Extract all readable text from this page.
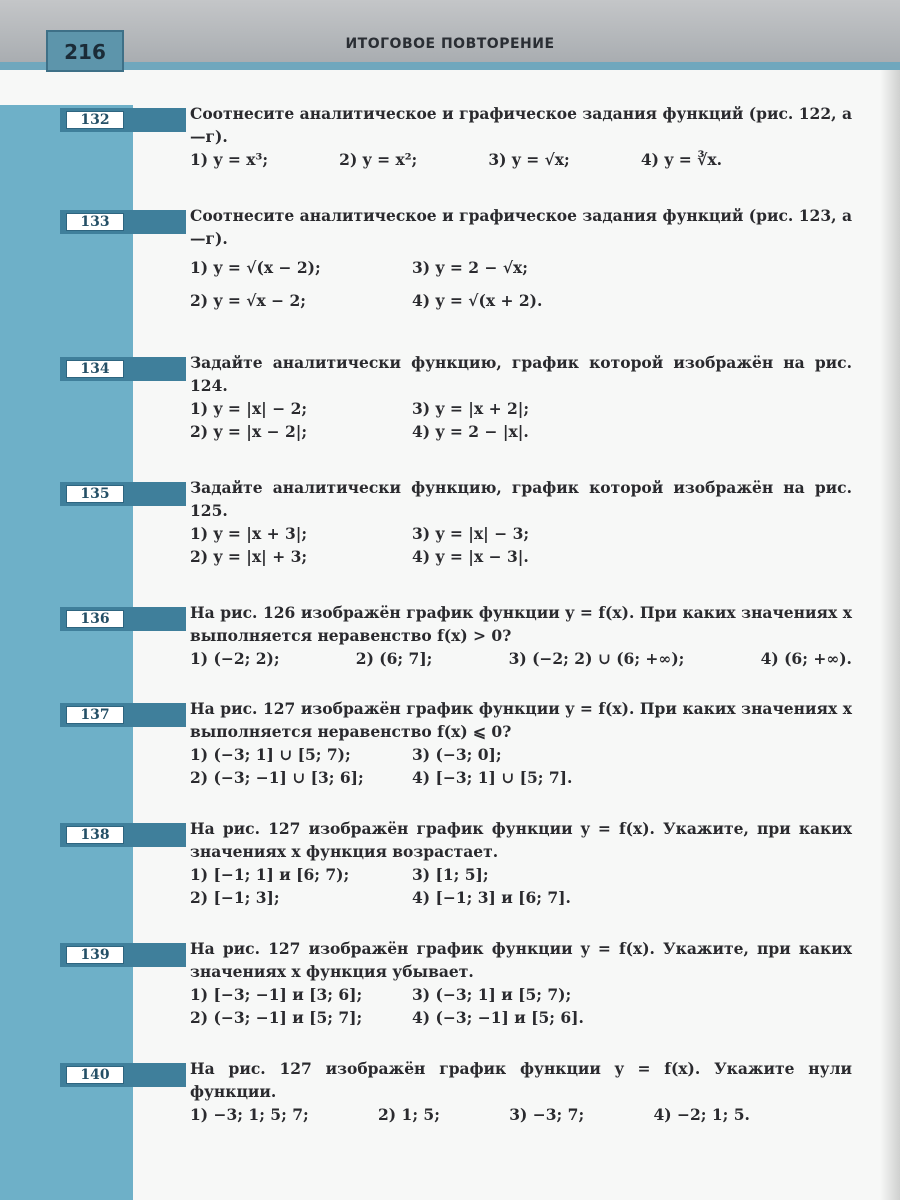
216	ИТОГОВОЕ ПОВТОРЕНИЕ
132	Соотнесите аналитическое и графическое задания функций (рис. 122, а—г).
1) y = x³;	2) y = x²;	3) y = √x;	4) y = ∛x.
133	Соотнесите аналитическое и графическое задания функций (рис. 123, а—г).
1) y = √(x − 2);	3) y = 2 − √x;
2) y = √x − 2;	4) y = √(x + 2).
134	Задайте аналитически функцию, график которой изображён на рис. 124.
1) y = |x| − 2;	3) y = |x + 2|;
2) y = |x − 2|;	4) y = 2 − |x|.
135	Задайте аналитически функцию, график которой изображён на рис. 125.
1) y = |x + 3|;	3) y = |x| − 3;
2) y = |x| + 3;	4) y = |x − 3|.
136	На рис. 126 изображён график функции y = f(x). При каких значениях x выполняется неравенство f(x) > 0?
1) (−2; 2);	2) (6; 7];	3) (−2; 2) ∪ (6; +∞);	4) (6; +∞).
137	На рис. 127 изображён график функции y = f(x). При каких значениях x выполняется неравенство f(x) ⩽ 0?
1) (−3; 1] ∪ [5; 7);	3) (−3; 0];
2) (−3; −1] ∪ [3; 6];	4) [−3; 1] ∪ [5; 7].
138	На рис. 127 изображён график функции y = f(x). Укажите, при каких значениях x функция возрастает.
1) [−1; 1] и [6; 7);	3) [1; 5];
2) [−1; 3];	4) [−1; 3] и [6; 7].
139	На рис. 127 изображён график функции y = f(x). Укажите, при каких значениях x функция убывает.
1) [−3; −1] и [3; 6];	3) (−3; 1] и [5; 7);
2) (−3; −1] и [5; 7];	4) (−3; −1] и [5; 6].
140	На рис. 127 изображён график функции y = f(x). Укажите нули функции.
1) −3; 1; 5; 7;	2) 1; 5;	3) −3; 7;	4) −2; 1; 5.
